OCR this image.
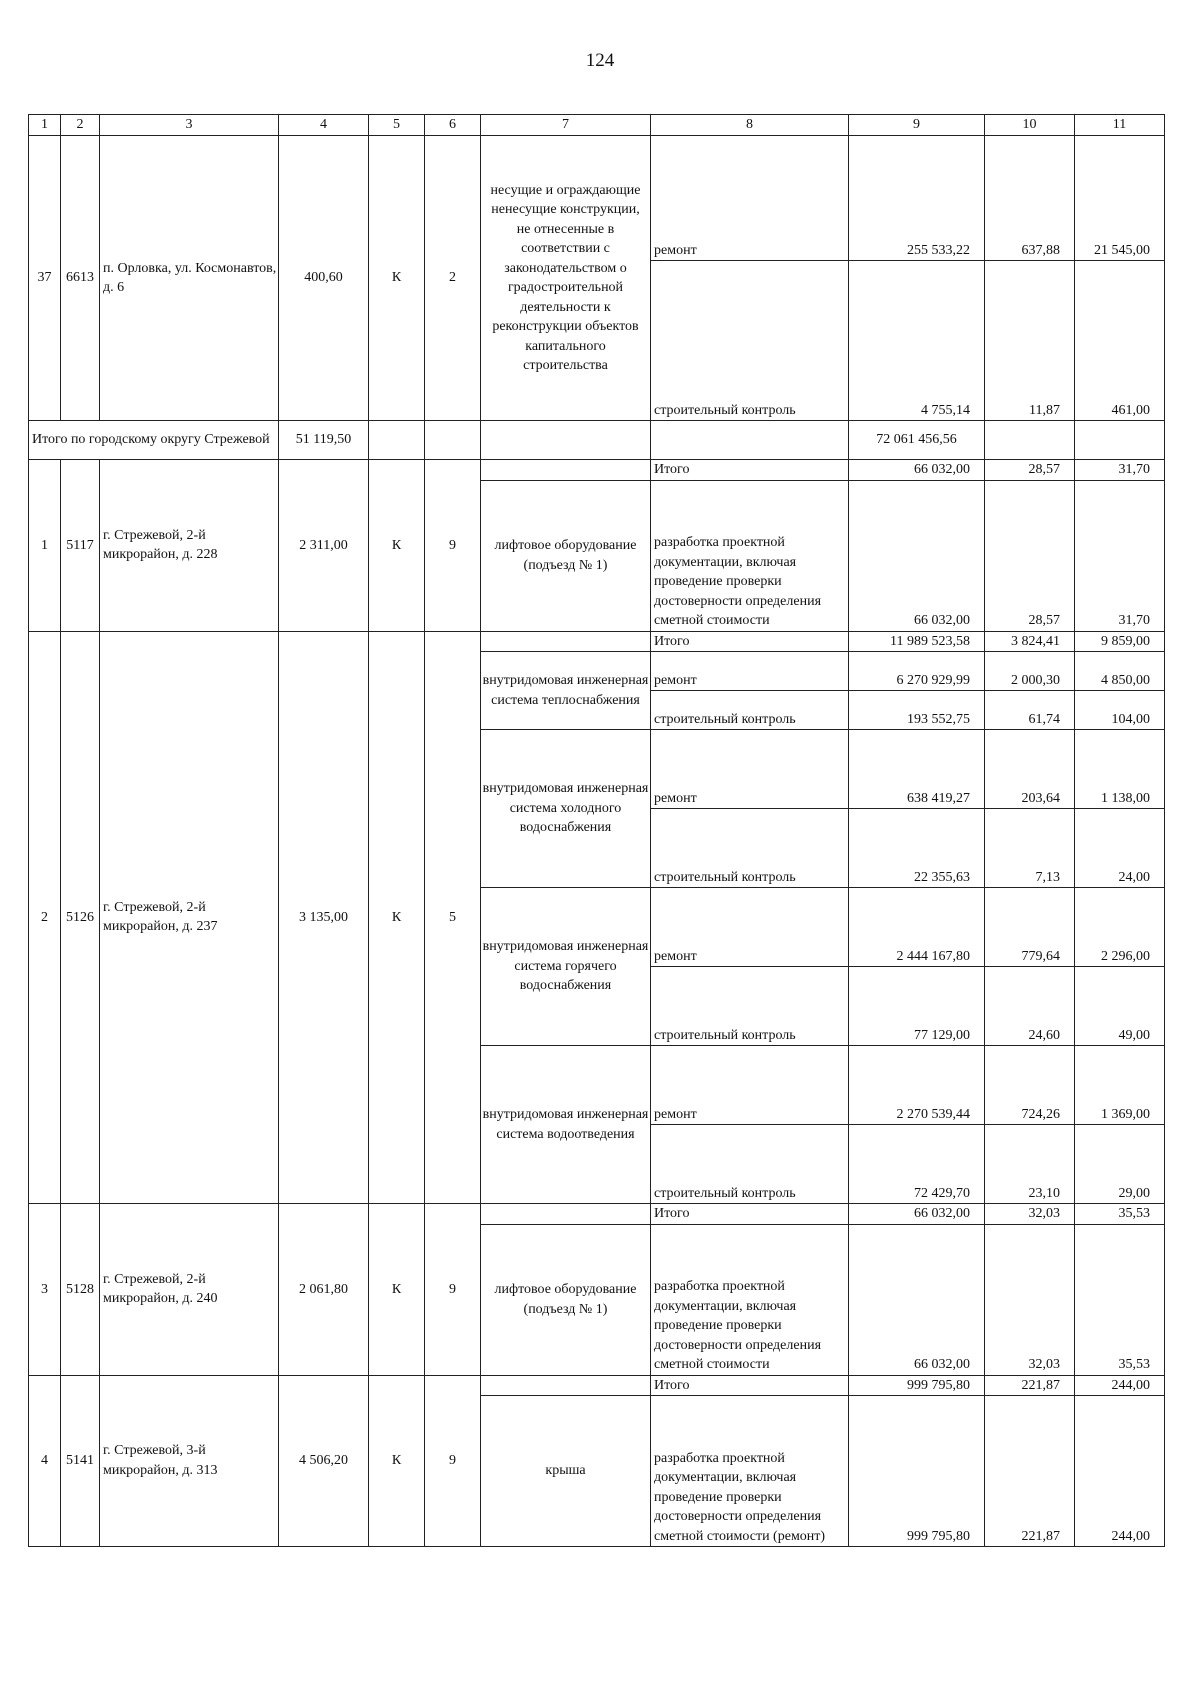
124
1	2	3	4	5	6	7	8	9	10	11
37	6613	п. Орловка, ул. Космонавтов, д. 6	400,60	К	2	несущие и ограждающие ненесущие конструкции, не отнесенные в соответствии с законодательством о градостроительной деятельности к реконструкции объектов капитального строительства	ремонт	255 533,22	637,88	21 545,00
							строительный контроль	4 755,14	11,87	461,00
Итого по городскому округу Стрежевой			51 119,50					72 061 456,56		
1	5117	г. Стрежевой, 2-й микрорайон, д. 228	2 311,00	К	9		Итого	66 032,00	28,57	31,70
						лифтовое оборудование (подъезд № 1)	разработка проектной документации, включая проведение проверки достоверности определения сметной стоимости	66 032,00	28,57	31,70
2	5126	г. Стрежевой, 2-й микрорайон, д. 237	3 135,00	К	5		Итого	11 989 523,58	3 824,41	9 859,00
						внутридомовая инженерная система теплоснабжения	ремонт	6 270 929,99	2 000,30	4 850,00
							строительный контроль	193 552,75	61,74	104,00
						внутридомовая инженерная система холодного водоснабжения	ремонт	638 419,27	203,64	1 138,00
							строительный контроль	22 355,63	7,13	24,00
						внутридомовая инженерная система горячего водоснабжения	ремонт	2 444 167,80	779,64	2 296,00
							строительный контроль	77 129,00	24,60	49,00
						внутридомовая инженерная система водоотведения	ремонт	2 270 539,44	724,26	1 369,00
							строительный контроль	72 429,70	23,10	29,00
3	5128	г. Стрежевой, 2-й микрорайон, д. 240	2 061,80	К	9		Итого	66 032,00	32,03	35,53
						лифтовое оборудование (подъезд № 1)	разработка проектной документации, включая проведение проверки достоверности определения сметной стоимости	66 032,00	32,03	35,53
4	5141	г. Стрежевой, 3-й микрорайон, д. 313	4 506,20	К	9		Итого	999 795,80	221,87	244,00
						крыша	разработка проектной документации, включая проведение проверки достоверности определения сметной стоимости (ремонт)	999 795,80	221,87	244,00
